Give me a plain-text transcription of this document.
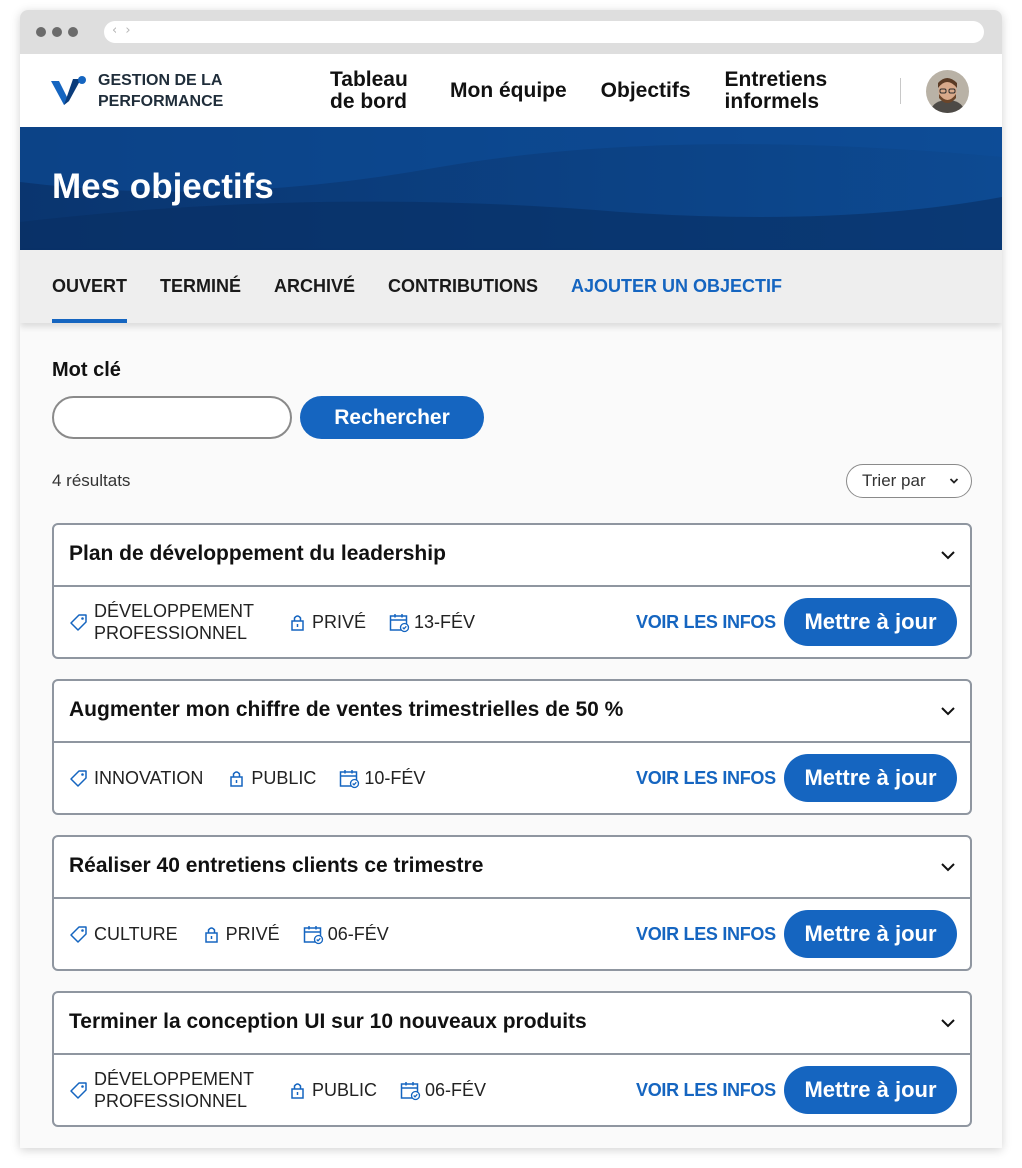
‹ ›
GESTION DE LA PERFORMANCE
Tableau de bord	Mon équipe Objectifs Entretiens informels
Mes objectifs
OUVERT TERMINÉ ARCHIVÉ CONTRIBUTIONS AJOUTER UN OBJECTIF
Mot clé
Rechercher
4 résultats	Trier par
Plan de développement du leadership
DÉVELOPPEMENT PROFESSIONNEL
PRIVÉ	13-FÉV	VOIR LES INFOS	Mettre à jour
Augmenter mon chiffre de ventes trimestrielles de 50 %
INNOVATION	PUBLIC	10-FÉV	VOIR LES INFOS	Mettre à jour
Réaliser 40 entretiens clients ce trimestre
CULTURE	PRIVÉ	06-FÉV	VOIR LES INFOS	Mettre à jour
Terminer la conception UI sur 10 nouveaux produits
DÉVELOPPEMENT PROFESSIONNEL
PUBLIC	06-FÉV	VOIR LES INFOS	Mettre à jour
